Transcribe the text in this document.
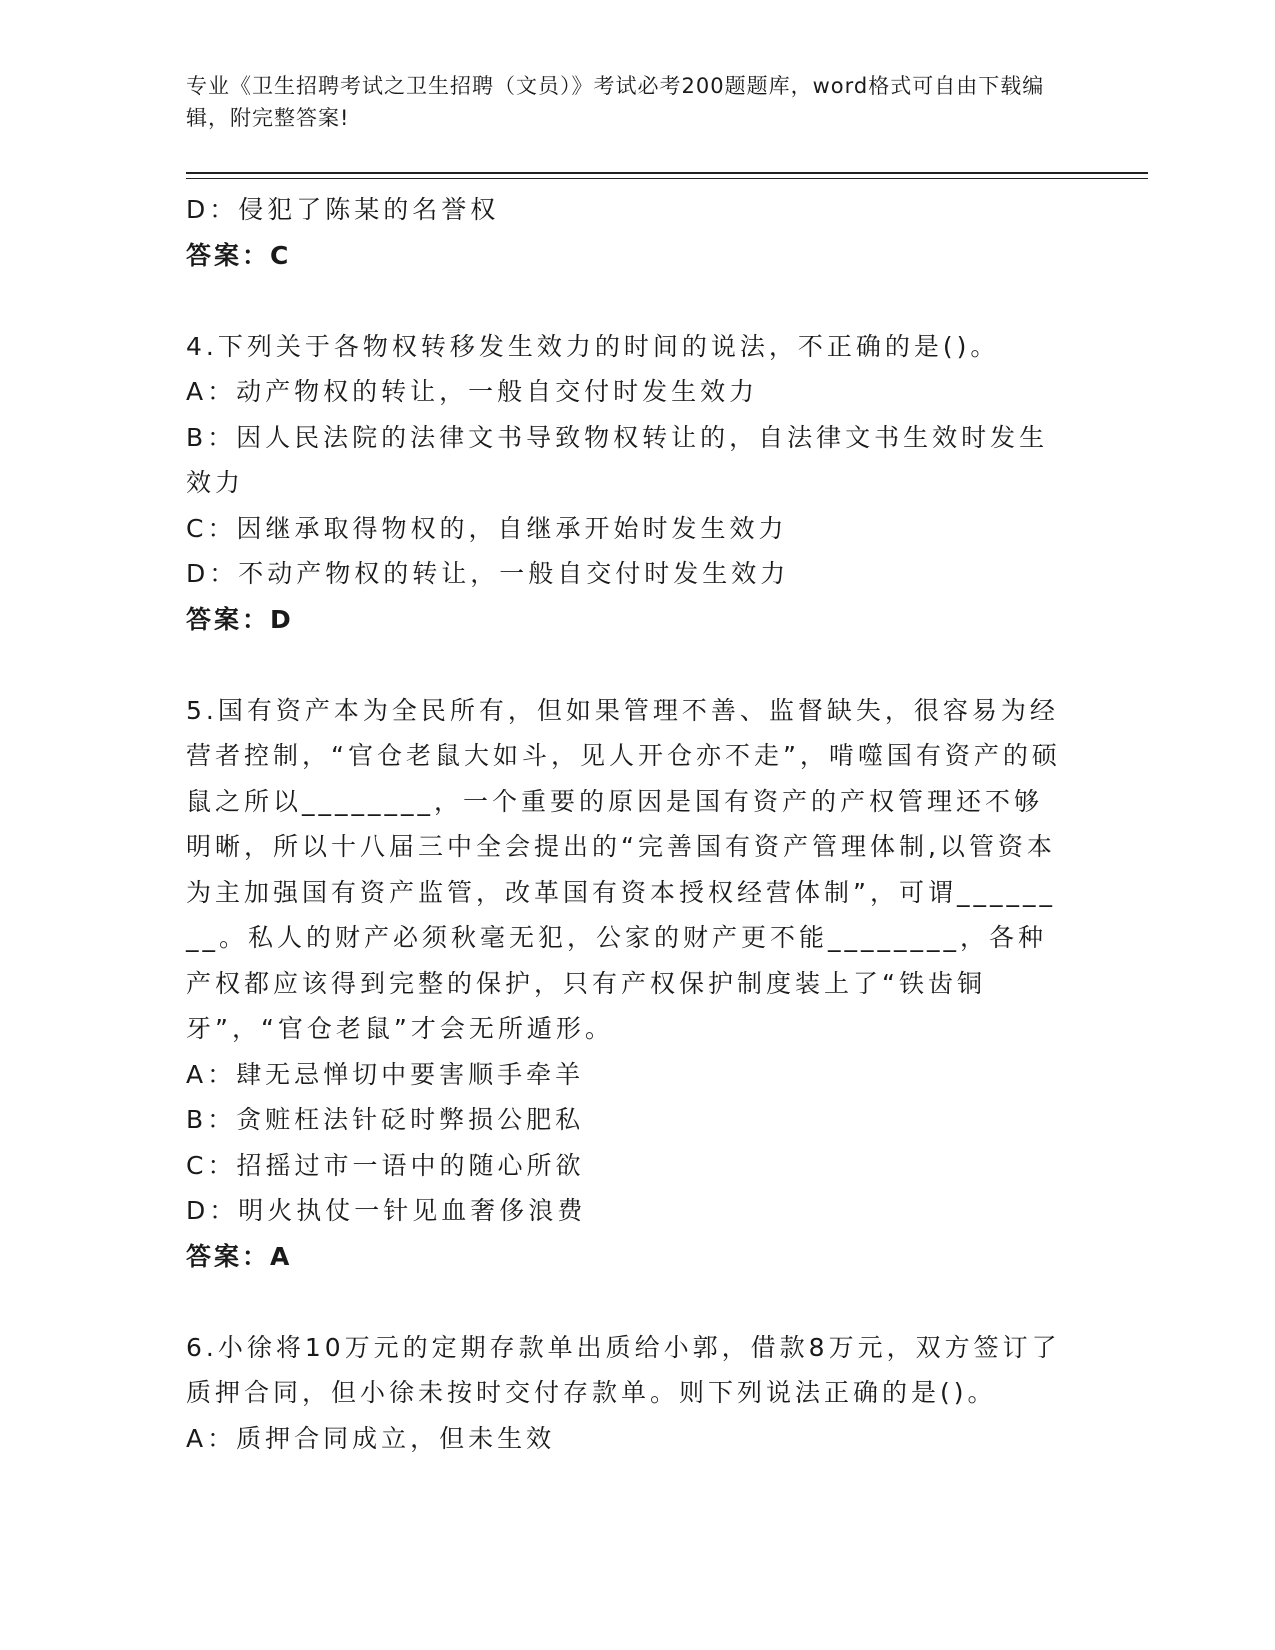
专业《卫生招聘考试之卫生招聘（文员）》考试必考200题题库，word格式可自由下载编辑，附完整答案!
D：侵犯了陈某的名誉权
答案：C
4.下列关于各物权转移发生效力的时间的说法，不正确的是()。
A：动产物权的转让，一般自交付时发生效力
B：因人民法院的法律文书导致物权转让的，自法律文书生效时发生效力
C：因继承取得物权的，自继承开始时发生效力
D：不动产物权的转让，一般自交付时发生效力
答案：D
5.国有资产本为全民所有，但如果管理不善、监督缺失，很容易为经营者控制，“官仓老鼠大如斗，见人开仓亦不走”，啃噬国有资产的硕鼠之所以________，一个重要的原因是国有资产的产权管理还不够明晰，所以十八届三中全会提出的“完善国有资产管理体制,以管资本为主加强国有资产监管，改革国有资本授权经营体制”，可谓________。私人的财产必须秋毫无犯，公家的财产更不能________，各种产权都应该得到完整的保护，只有产权保护制度装上了“铁齿铜牙”，“官仓老鼠”才会无所遁形。
A：肆无忌惮切中要害顺手牵羊
B：贪赃枉法针砭时弊损公肥私
C：招摇过市一语中的随心所欲
D：明火执仗一针见血奢侈浪费
答案：A
6.小徐将10万元的定期存款单出质给小郭，借款8万元，双方签订了质押合同，但小徐未按时交付存款单。则下列说法正确的是()。
A：质押合同成立，但未生效
